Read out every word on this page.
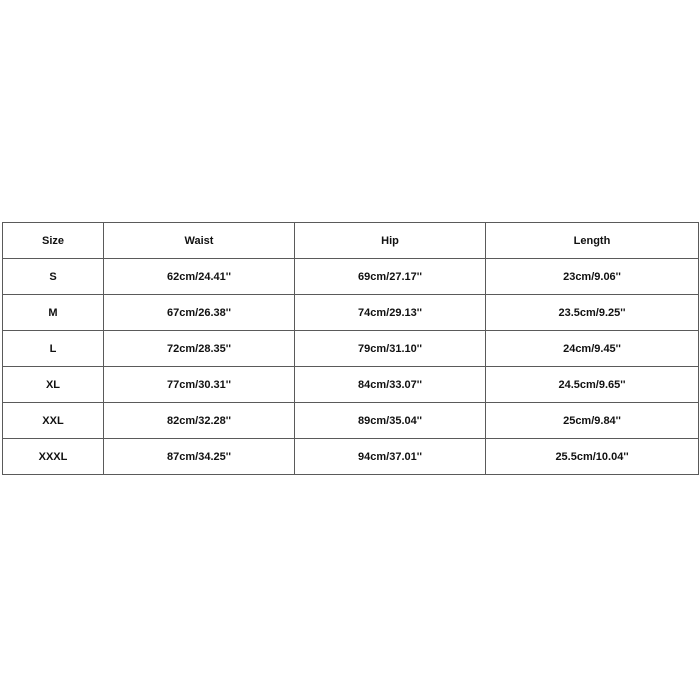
Size	Waist	Hip	Length
S	62cm/24.41''	69cm/27.17''	23cm/9.06''
M	67cm/26.38''	74cm/29.13''	23.5cm/9.25''
L	72cm/28.35''	79cm/31.10''	24cm/9.45''
XL	77cm/30.31''	84cm/33.07''	24.5cm/9.65''
XXL	82cm/32.28''	89cm/35.04''	25cm/9.84''
XXXL	87cm/34.25''	94cm/37.01''	25.5cm/10.04''
